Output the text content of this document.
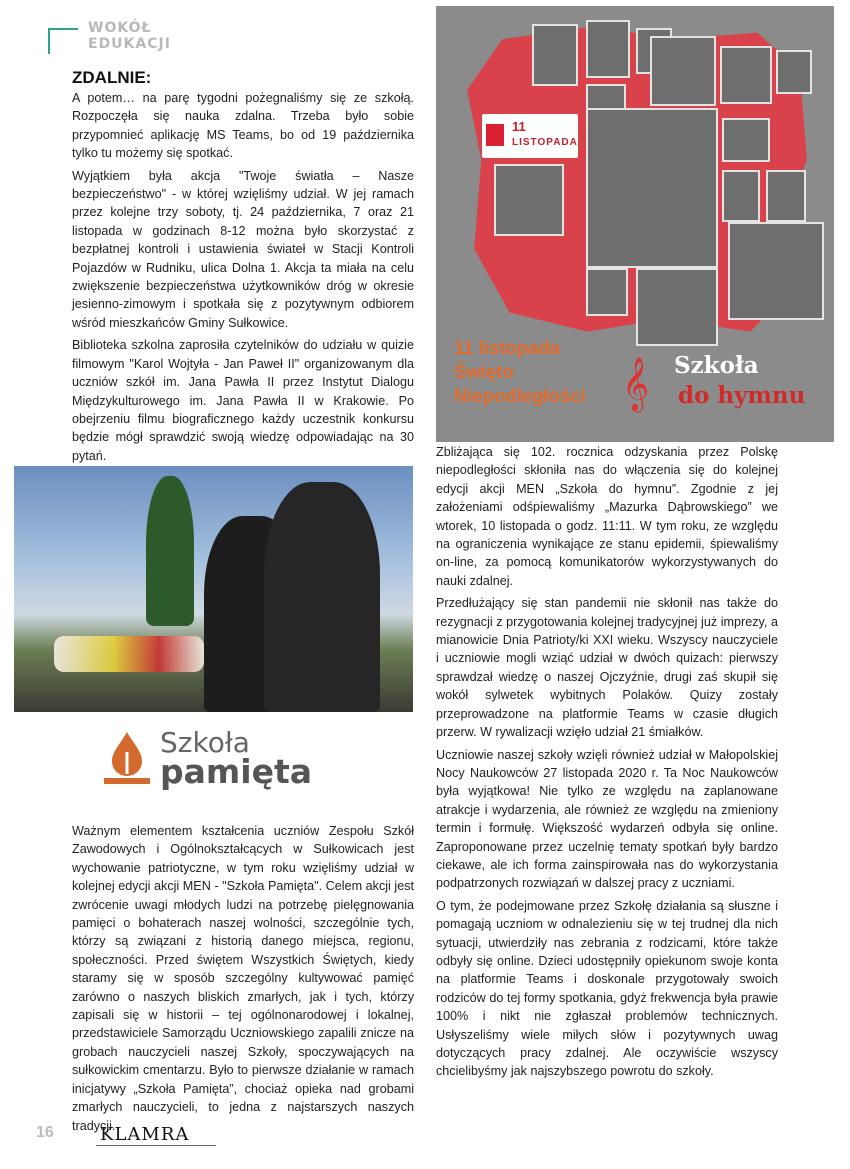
WOKÓŁ EDUKACJI
ZDALNIE:

A potem… na parę tygodni pożegnaliśmy się ze szkołą. Rozpoczęła się nauka zdalna. Trzeba było sobie przypomnieć aplikację MS Teams, bo od 19 października tylko tu możemy się spotkać.

Wyjątkiem była akcja "Twoje światła – Nasze bezpieczeństwo" - w której wzięliśmy udział. W jej ramach przez kolejne trzy soboty, tj. 24 października, 7 oraz 21 listopada w godzinach 8-12 można było skorzystać z bezpłatnej kontroli i ustawienia świateł w Stacji Kontroli Pojazdów w Rudniku, ulica Dolna 1. Akcja ta miała na celu zwiększenie bezpieczeństwa użytkowników dróg w okresie jesienno-zimowym i spotkała się z pozytywnym odbiorem wśród mieszkańców Gminy Sułkowice.

Biblioteka szkolna zaprosiła czytelników do udziału w quizie filmowym "Karol Wojtyła - Jan Paweł II" organizowanym dla uczniów szkół im. Jana Pawła II przez Instytut Dialogu Międzykulturowego im. Jana Pawła II w Krakowie. Po obejrzeniu filmu biograficznego każdy uczestnik konkursu będzie mógł sprawdzić swoją wiedzę odpowiadając na 30 pytań.

11
LISTOPADA
11 listopada
Święto
Niepodległości 𝄞 Szkoła
do hymnu

Zbliżająca się 102. rocznica odzyskania przez Polskę niepodległości skłoniła nas do włączenia się do kolejnej edycji akcji MEN „Szkoła do hymnu”. Zgodnie z jej założeniami odśpiewaliśmy „Mazurka Dąbrowskiego” we wtorek, 10 listopada o godz. 11:11. W tym roku, ze względu na ograniczenia wynikające ze stanu epidemii, śpiewaliśmy on-line, za pomocą komunikatorów wykorzystywanych do nauki zdalnej.

Przedłużający się stan pandemii nie skłonił nas także do rezygnacji z przygotowania kolejnej tradycyjnej już imprezy, a mianowicie Dnia Patrioty/ki XXI wieku. Wszyscy nauczyciele i uczniowie mogli wziąć udział w dwóch quizach: pierwszy sprawdzał wiedzę o naszej Ojczyźnie, drugi zaś skupił się wokół sylwetek wybitnych Polaków. Quizy zostały przeprowadzone na platformie Teams w czasie długich przerw. W rywalizacji wzięło udział 21 śmiałków.

Uczniowie naszej szkoły wzięli również udział w Małopolskiej Nocy Naukowców 27 listopada 2020 r. Ta Noc Naukowców była wyjątkowa! Nie tylko ze względu na zaplanowane atrakcje i wydarzenia, ale również ze względu na zmieniony termin i formułę. Większość wydarzeń odbyła się online. Zaproponowane przez uczelnię tematy spotkań były bardzo ciekawe, ale ich forma zainspirowała nas do wykorzystania podpatrzonych rozwiązań w dalszej pracy z uczniami.

O tym, że podejmowane przez Szkołę działania są słuszne i pomagają uczniom w odnalezieniu się w tej trudnej dla nich sytuacji, utwierdziły nas zebrania z rodzicami, które także odbyły się online. Dzieci udostępniły opiekunom swoje konta na platformie Teams i doskonale przygotowały swoich rodziców do tej formy spotkania, gdyż frekwencja była prawie 100% i nikt nie zgłaszał problemów technicznych. Usłyszeliśmy wiele miłych słów i pozytywnych uwag dotyczących pracy zdalnej. Ale oczywiście wszyscy chcielibyśmy jak najszybszego powrotu do szkoły.

Szkoła
pamięta

Ważnym elementem kształcenia uczniów Zespołu Szkół Zawodowych i Ogólnokształcących w Sułkowicach jest wychowanie patriotyczne, w tym roku wzięliśmy udział w kolejnej edycji akcji MEN - "Szkoła Pamięta". Celem akcji jest zwrócenie uwagi młodych ludzi na potrzebę pielęgnowania pamięci o bohaterach naszej wolności, szczególnie tych, którzy są związani z historią danego miejsca, regionu, społeczności. Przed świętem Wszystkich Świętych, kiedy staramy się w sposób szczególny kultywować pamięć zarówno o naszych bliskich zmarłych, jak i tych, którzy zapisali się w historii – tej ogólnonarodowej i lokalnej, przedstawiciele Samorządu Uczniowskiego zapalili znicze na grobach nauczycieli naszej Szkoły, spoczywających na sułkowickim cmentarzu. Było to pierwsze działanie w ramach inicjatywy „Szkoła Pamięta”, chociaż opieka nad grobami zmarłych nauczycieli, to jedna z najstarszych naszych tradycji.

16	KLAMRA
